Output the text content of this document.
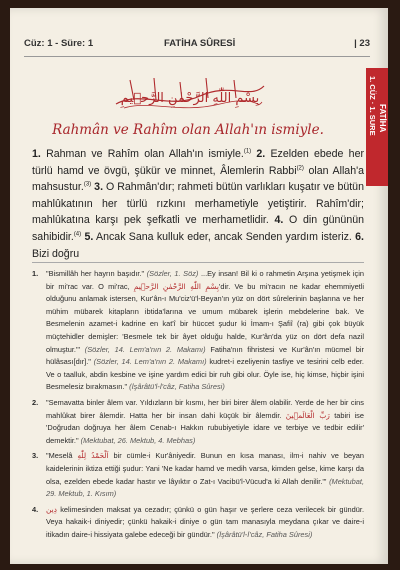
Cüz: 1 - Süre: 1	FATİHA SÛRESİ	| 23
1. CÜZ · 1. SURE FATİHA
بِسْمِ اللّٰهِ الرَّحْمٰنِ الرَّح۪يمِ
Rahmân ve Rahîm olan Allah'ın ismiyle.
1. Rahman ve Rahîm olan Allah'ın ismiyle.$^{(1)}$ 2. Ezelden ebede her türlü hamd ve övgü, şükür ve minnet, Âlemlerin Rabbi$^{(2)}$ olan Allah'a mahsustur.$^{(3)}$ 3. O Rahmân'dır; rahmeti bütün varlıkları kuşatır ve bütün mahlûkatının her türlü rızkını merhametiyle yetiştirir. Rahîm'dir; mahlûkatına karşı pek şefkatli ve merhametlidir. 4. O din gününün sahibidir.$^{(4)}$ 5. Ancak Sana kulluk eder, ancak Senden yardım isteriz. 6. Bizi doğru
1. "Bismillâh her hayrın başıdır." (Sözler, 1. Söz) ...Ey insan! Bil ki o rahmetin Arşına yetişmek için bir mi'rac var. O mi'rac, بِسْمِ اللّٰهِ الرَّحْمٰنِ الرَّح۪يمِ'dir. Ve bu mi'racın ne kadar ehemmiyetli olduğunu anlamak istersen, Kur'ân-ı Mu'ciz'ü'l-Beyan'ın yüz on dört sûrelerinin başlarına ve her mühim mübarek kitapların ibtida'larına ve umum mübarek işlerin mebdelerine bak. Ve Besmelenin azamet-i kadrine en kat'î bir hüccet şudur ki İmam-ı Şafiî (ra) gibi çok büyük müçtehidler demişler: 'Besmele tek bir âyet olduğu halde, Kur'ân'da yüz on dört defa nazil olmuştur.'" (Sözler, 14. Lem'a'nın 2. Makamı) Fatiha'nın fihristesi ve Kur'ân'ın mücmel bir hülâsası[dır]." (Sözler, 14. Lem'a'nın 2. Makamı) kudret-i ezeliyenin tasfiye ve tesirini celb eder. Ve o taalluk, abdin kesbine ve işine yardım edici bir ruh gibi olur. Öyle ise, hiç kimse, hiçbir işini Besmelesiz bırakmasın." (İşârâtü'l-İ'câz, Fatiha Sûresi)
2. "Semavatta binler âlem var. Yıldızların bir kısmı, her biri birer âlem olabilir. Yerde de her bir cins mahlûkat birer âlemdir. Hatta her bir insan dahi küçük bir âlemdir. رَبِّ الْعَالَم۪ينَ tabiri ise 'Doğrudan doğruya her âlem Cenab-ı Hakkın rububiyetiyle idare ve terbiye ve tedbir edilir' demektir." (Mektubat, 26. Mektub, 4. Mebhas)
3. "Meselâ اَلْحَمْدُ لِلّٰهِ bir cümle-i Kur'âniyedir. Bunun en kısa manası, ilm-i nahiv ve beyan kaidelerinin iktiza ettiği şudur: Yani 'Ne kadar hamd ve medih varsa, kimden gelse, kime karşı da olsa, ezelden ebede kadar hastır ve lâyıktır o Zat-ı Vacibü'l-Vücud'a ki Allah denilir.'" (Mektubat, 29. Mektub, 1. Kısım)
4. دِين kelimesinden maksat ya cezadır; çünkü o gün haşır ve şerlere ceza verilecek bir gündür. Veya hakaik-i diniyedir; çünkü hakaik-i diniye o gün tam manasıyla meydana çıkar ve daire-i itikadın daire-i hissiyata galebe edeceği bir gündür." (İşârâtü'l-İ'câz, Fatiha Sûresi)
